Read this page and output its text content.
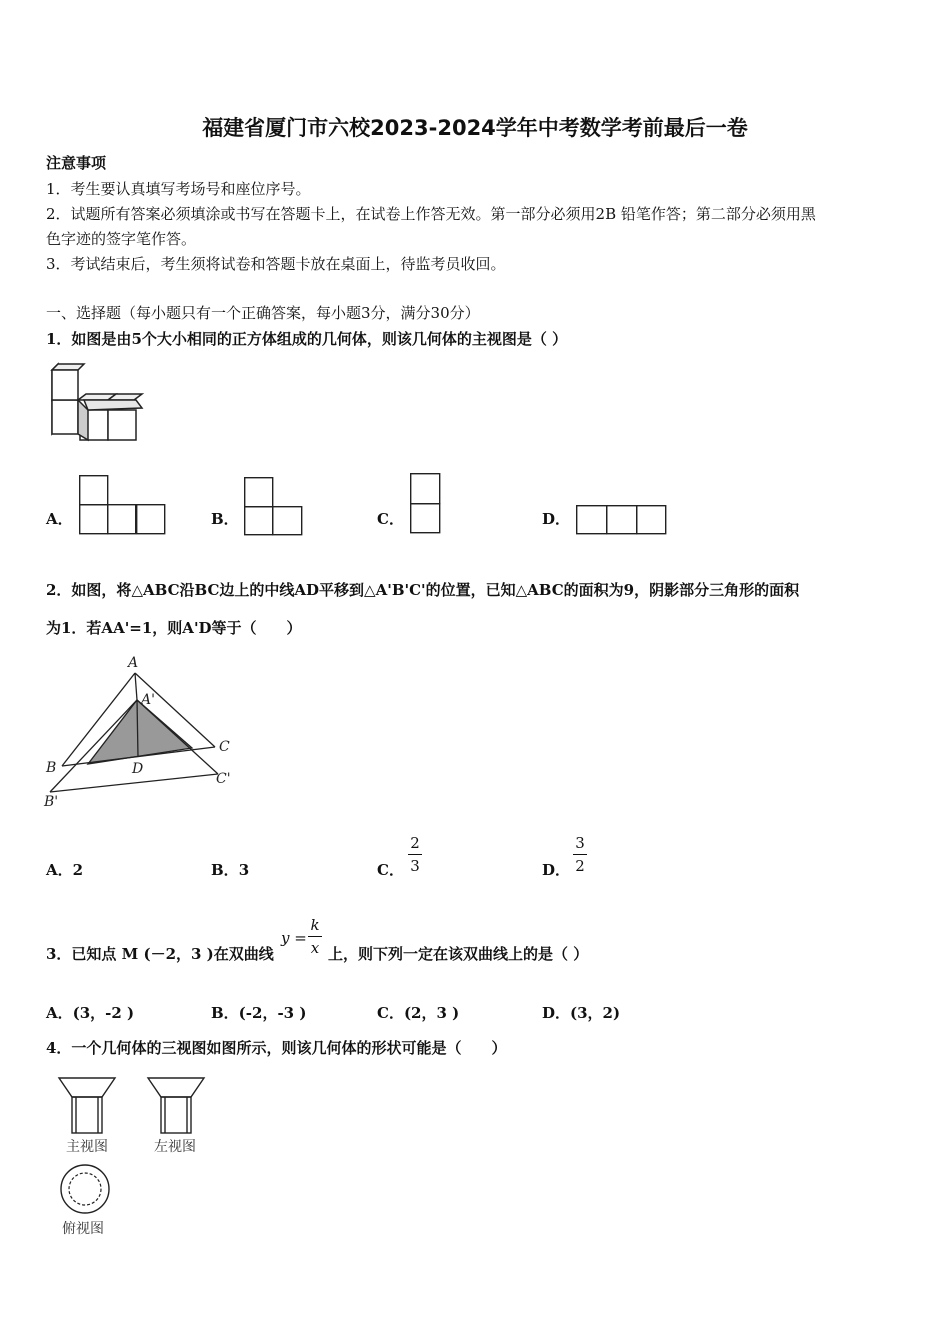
福建省厦门市六校2023-2024学年中考数学考前最后一卷
注意事项
1．考生要认真填写考场号和座位序号。
2．试题所有答案必须填涂或书写在答题卡上，在试卷上作答无效。第一部分必须用2B 铅笔作答；第二部分必须用黑
色字迹的签字笔作答。
3．考试结束后，考生须将试卷和答题卡放在桌面上，待监考员收回。
一、选择题（每小题只有一个正确答案，每小题3分，满分30分）
1．如图是由5个大小相同的正方体组成的几何体，则该几何体的主视图是（ ）
A．	B．	C．	D．
2．如图，将△ABC沿BC边上的中线AD平移到△A'B'C'的位置，已知△ABC的面积为9，阴影部分三角形的面积
为1．若AA'=1，则A'D等于（　　）
A
A'
B
B'
C
C'
D
A．2	B．3	C．
2
3	D．
3
2
3．已知点 M (－2，3 )在双曲线
y =
k
x 上，则下列一定在该双曲线上的是（ ）
A．(3，-2 )	B．(-2，-3 )	C．(2，3 )	D．(3，2)
4．一个几何体的三视图如图所示，则该几何体的形状可能是（　　）
主视图	左视图
俯视图
